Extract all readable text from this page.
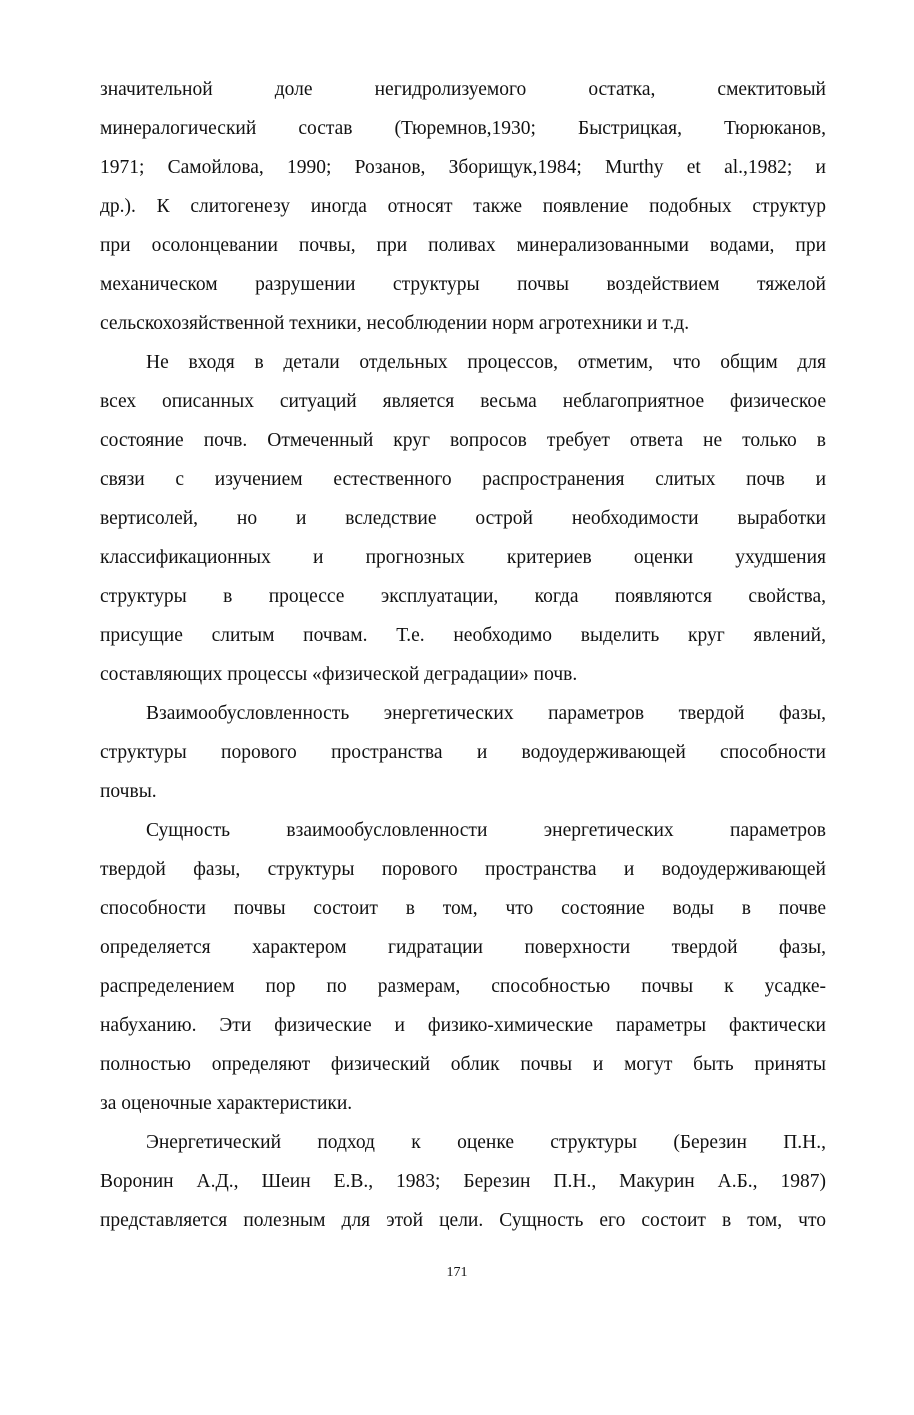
значительной доле негидролизуемого остатка, смектитовый
минералогический состав (Тюремнов,1930; Быстрицкая, Тюрюканов,
1971; Самойлова, 1990; Розанов, Зборищук,1984; Murthy et al.,1982; и
др.). К слитогенезу иногда относят также появление подобных структур
при осолонцевании почвы, при поливах минерализованными водами, при
механическом разрушении структуры почвы воздействием тяжелой
сельскохозяйственной техники, несоблюдении норм агротехники и т.д.

Не входя в детали отдельных процессов, отметим, что общим для
всех описанных ситуаций является весьма неблагоприятное физическое
состояние почв. Отмеченный круг вопросов требует ответа не только в
связи с изучением естественного распространения слитых почв и
вертисолей, но и вследствие острой необходимости выработки
классификационных и прогнозных критериев оценки ухудшения
структуры в процессе эксплуатации, когда появляются свойства,
присущие слитым почвам. Т.е. необходимо выделить круг явлений,
составляющих процессы «физической деградации» почв.

Взаимообусловленность энергетических параметров твердой фазы,
структуры порового пространства и водоудерживающей способности
почвы.

Сущность взаимообусловленности энергетических параметров
твердой фазы, структуры порового пространства и водоудерживающей
способности почвы состоит в том, что состояние воды в почве
определяется характером гидратации поверхности твердой фазы,
распределением пор по размерам, способностью почвы к усадке-
набуханию. Эти физические и физико-химические параметры фактически
полностью определяют физический облик почвы и могут быть приняты
за оценочные характеристики.

Энергетический подход к оценке структуры (Березин П.Н.,
Воронин А.Д., Шеин Е.В., 1983; Березин П.Н., Макурин А.Б., 1987)
представляется полезным для этой цели. Сущность его состоит в том, что

171
